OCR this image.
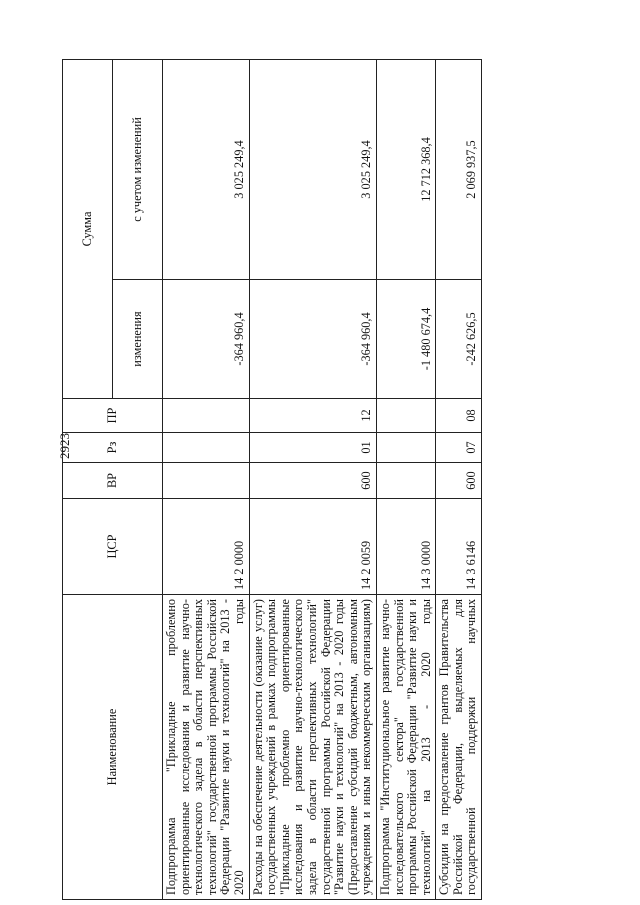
2923
Наименование	ЦСР	ВР	Рз	ПР	Сумма	
					изменения	с учетом изменений
Подпрограмма "Прикладные проблемно ориентированные исследования и развитие научно-технологического задела в области перспективных технологий" государственной программы Российской Федерации "Развитие науки и технологий" на 2013 - 2020 годы	14 2 0000				-364 960,4	3 025 249,4
Расходы на обеспечение деятельности (оказание услуг) государственных учреждений в рамках подпрограммы "Прикладные проблемно ориентированные исследования и развитие научно-технологического задела в области перспективных технологий" государственной программы Российской Федерации "Развитие науки и технологий" на 2013 - 2020 годы (Предоставление субсидий бюджетным, автономным учреждениям и иным некоммерческим организациям)	14 2 0059	600	01	12	-364 960,4	3 025 249,4
Подпрограмма "Институциональное развитие научно-исследовательского сектора" государственной программы Российской Федерации "Развитие науки и технологий" на 2013 - 2020 годы	14 3 0000				-1 480 674,4	12 712 368,4
Субсидии на предоставление грантов Правительства Российской Федерации, выделяемых для государственной поддержки научных	14 3 6146	600	07	08	-242 626,5	2 069 937,5
